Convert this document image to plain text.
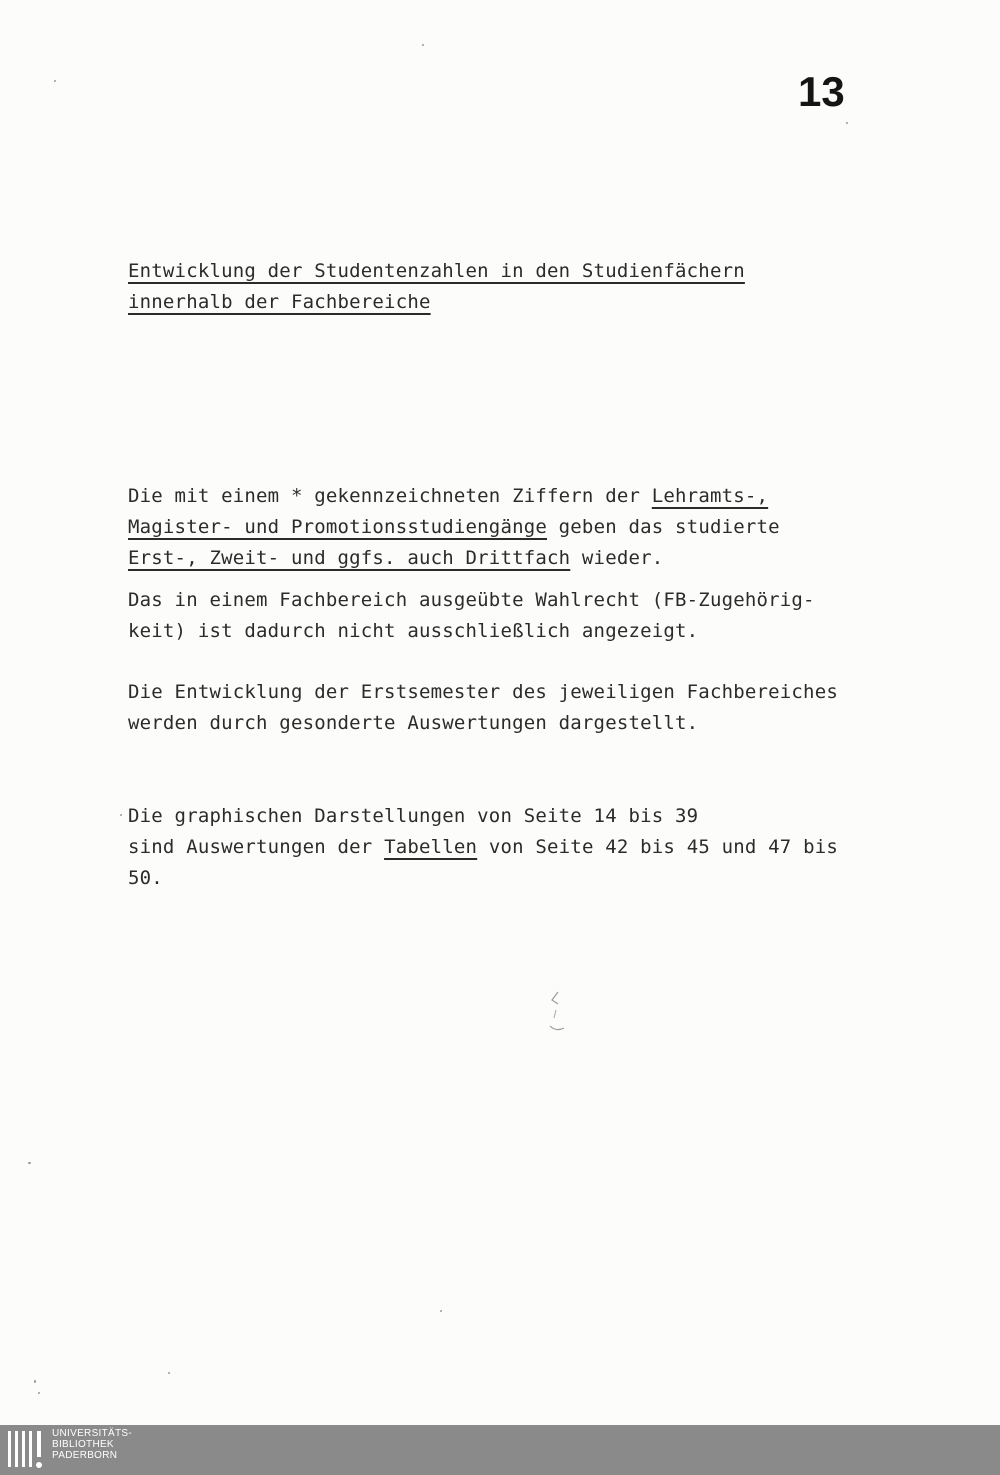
13
Entwicklung der Studentenzahlen in den Studienfächern
innerhalb der Fachbereiche
Die mit einem * gekennzeichneten Ziffern der Lehramts-,
Magister- und Promotionsstudiengänge geben das studierte
Erst-, Zweit- und ggfs. auch Drittfach wieder.
Das in einem Fachbereich ausgeübte Wahlrecht (FB-Zugehörig-
keit) ist dadurch nicht ausschließlich angezeigt.
Die Entwicklung der Erstsemester des jeweiligen Fachbereiches
werden durch gesonderte Auswertungen dargestellt.
Die graphischen Darstellungen von Seite 14 bis 39
sind Auswertungen der Tabellen von Seite 42 bis 45 und 47 bis
50.
UNIVERSITÄTS-
BIBLIOTHEK
PADERBORN
